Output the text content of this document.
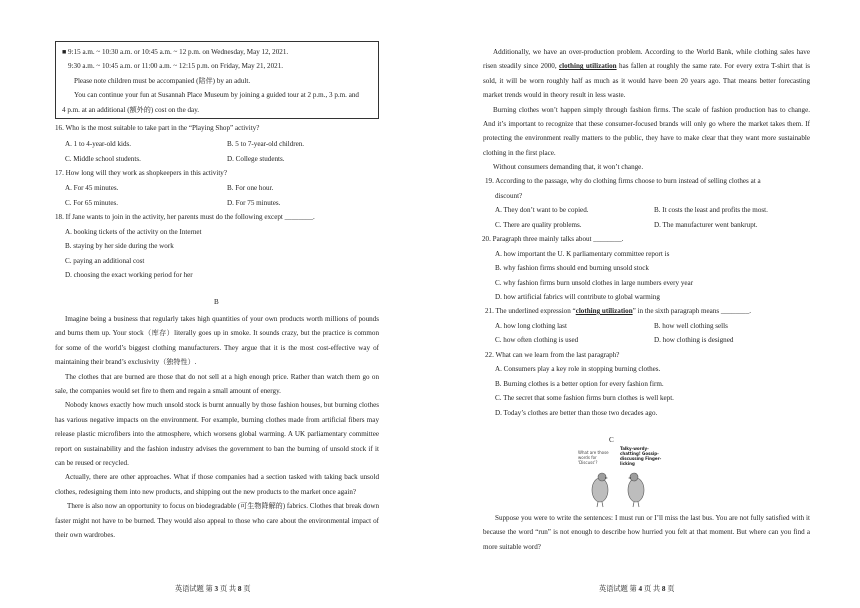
■ 9:15 a.m. ~ 10:30 a.m. or 10:45 a.m. ~ 12 p.m. on Wednesday, May 12, 2021.

9:30 a.m. ~ 10:45 a.m. or 11:00 a.m. ~ 12:15 p.m. on Friday, May 21, 2021.

Please note children must be accompanied (陪伴) by an adult.

You can continue your fun at Susannah Place Museum by joining a guided tour at 2 p.m., 3 p.m. and

4 p.m. at an additional (额外的) cost on the day.

16. Who is the most suitable to take part in the “Playing Shop” activity?
A. 1 to 4-year-old kids.	B. 5 to 7-year-old children.
C. Middle school students.	D. College students.
17. How long will they work as shopkeepers in this activity?
A. For 45 minutes.	B. For one hour.
C. For 65 minutes.	D. For 75 minutes.
18. If Jane wants to join in the activity, her parents must do the following except ________.
A. booking tickets of the activity on the Internet
B. staying by her side during the work
C. paying an additional cost
D. choosing the exact working period for her
B

Imagine being a business that regularly takes high quantities of your own products worth millions of pounds and burns them up. Your stock（库存）literally goes up in smoke. It sounds crazy, but the practice is common for some of the world’s biggest clothing manufacturers. They argue that it is the most cost-effective way of maintaining their brand’s exclusivity（独特性）.

The clothes that are burned are those that do not sell at a high enough price. Rather than watch them go on sale, the companies would set fire to them and regain a small amount of energy.

Nobody knows exactly how much unsold stock is burnt annually by those fashion houses, but burning clothes has various negative impacts on the environment. For example, burning clothes made from artificial fibers may release plastic microfibers into the atmosphere, which worsens global warming. A UK parliamentary committee report on sustainability and the fashion industry advises the government to ban the burning of unsold stock if it can be reused or recycled.

Actually, there are other approaches. What if those companies had a section tasked with taking back unsold clothes, redesigning them into new products, and shipping out the new products to the market once again?

There is also now an opportunity to focus on biodegradable (可生物降解的) fabrics. Clothes that break down faster might not have to be burned. They would also appeal to those who care about the environmental impact of their own wardrobes.

英语试题 第 3 页 共 8 页

Additionally, we have an over-production problem. According to the World Bank, while clothing sales have risen steadily since 2000, clothing utilization has fallen at roughly the same rate. For every extra T-shirt that is sold, it will be worn roughly half as much as it would have been 20 years ago. That means better forecasting market trends would in theory result in less waste.

Burning clothes won’t happen simply through fashion firms. The scale of fashion production has to change. And it’s important to recognize that these consumer-focused brands will only go where the market takes them. If protecting the environment really matters to the public, they have to make clear that they want more sustainable clothing in the first place.

Without consumers demanding that, it won’t change.

19. According to the passage, why do clothing firms choose to burn instead of selling clothes at a
discount?
A. They don’t want to be copied.	B. It costs the least and profits the most.
C. There are quality problems.	D. The manufacturer went bankrupt.
20. Paragraph three mainly talks about ________.
A. how important the U. K parliamentary committee report is
B. why fashion firms should end burning unsold stock
C. why fashion firms burn unsold clothes in large numbers every year
D. how artificial fabrics will contribute to global warming
21. The underlined expression “clothing utilization” in the sixth paragraph means ________.
A. how long clothing last	B. how well clothing sells
C. how often clothing is used	D. how clothing is designed
22. What can we learn from the last paragraph?
A. Consumers play a key role in stopping burning clothes.
B. Burning clothes is a better option for every fashion firm.
C. The secret that some fashion firms burn clothes is well kept.
D. Today’s clothes are better than those two decades ago.
C

Suppose you were to write the sentences: I must run or I’ll miss the last bus. You are not fully satisfied with it because the word “run” is not enough to describe how hurried you felt at that moment. But where can you find a more suitable word?

英语试题 第 4 页 共 8 页
What are those words for 'Discuss'?
Talky-wordy-chatting! Gossip-discussing Finger-licking
